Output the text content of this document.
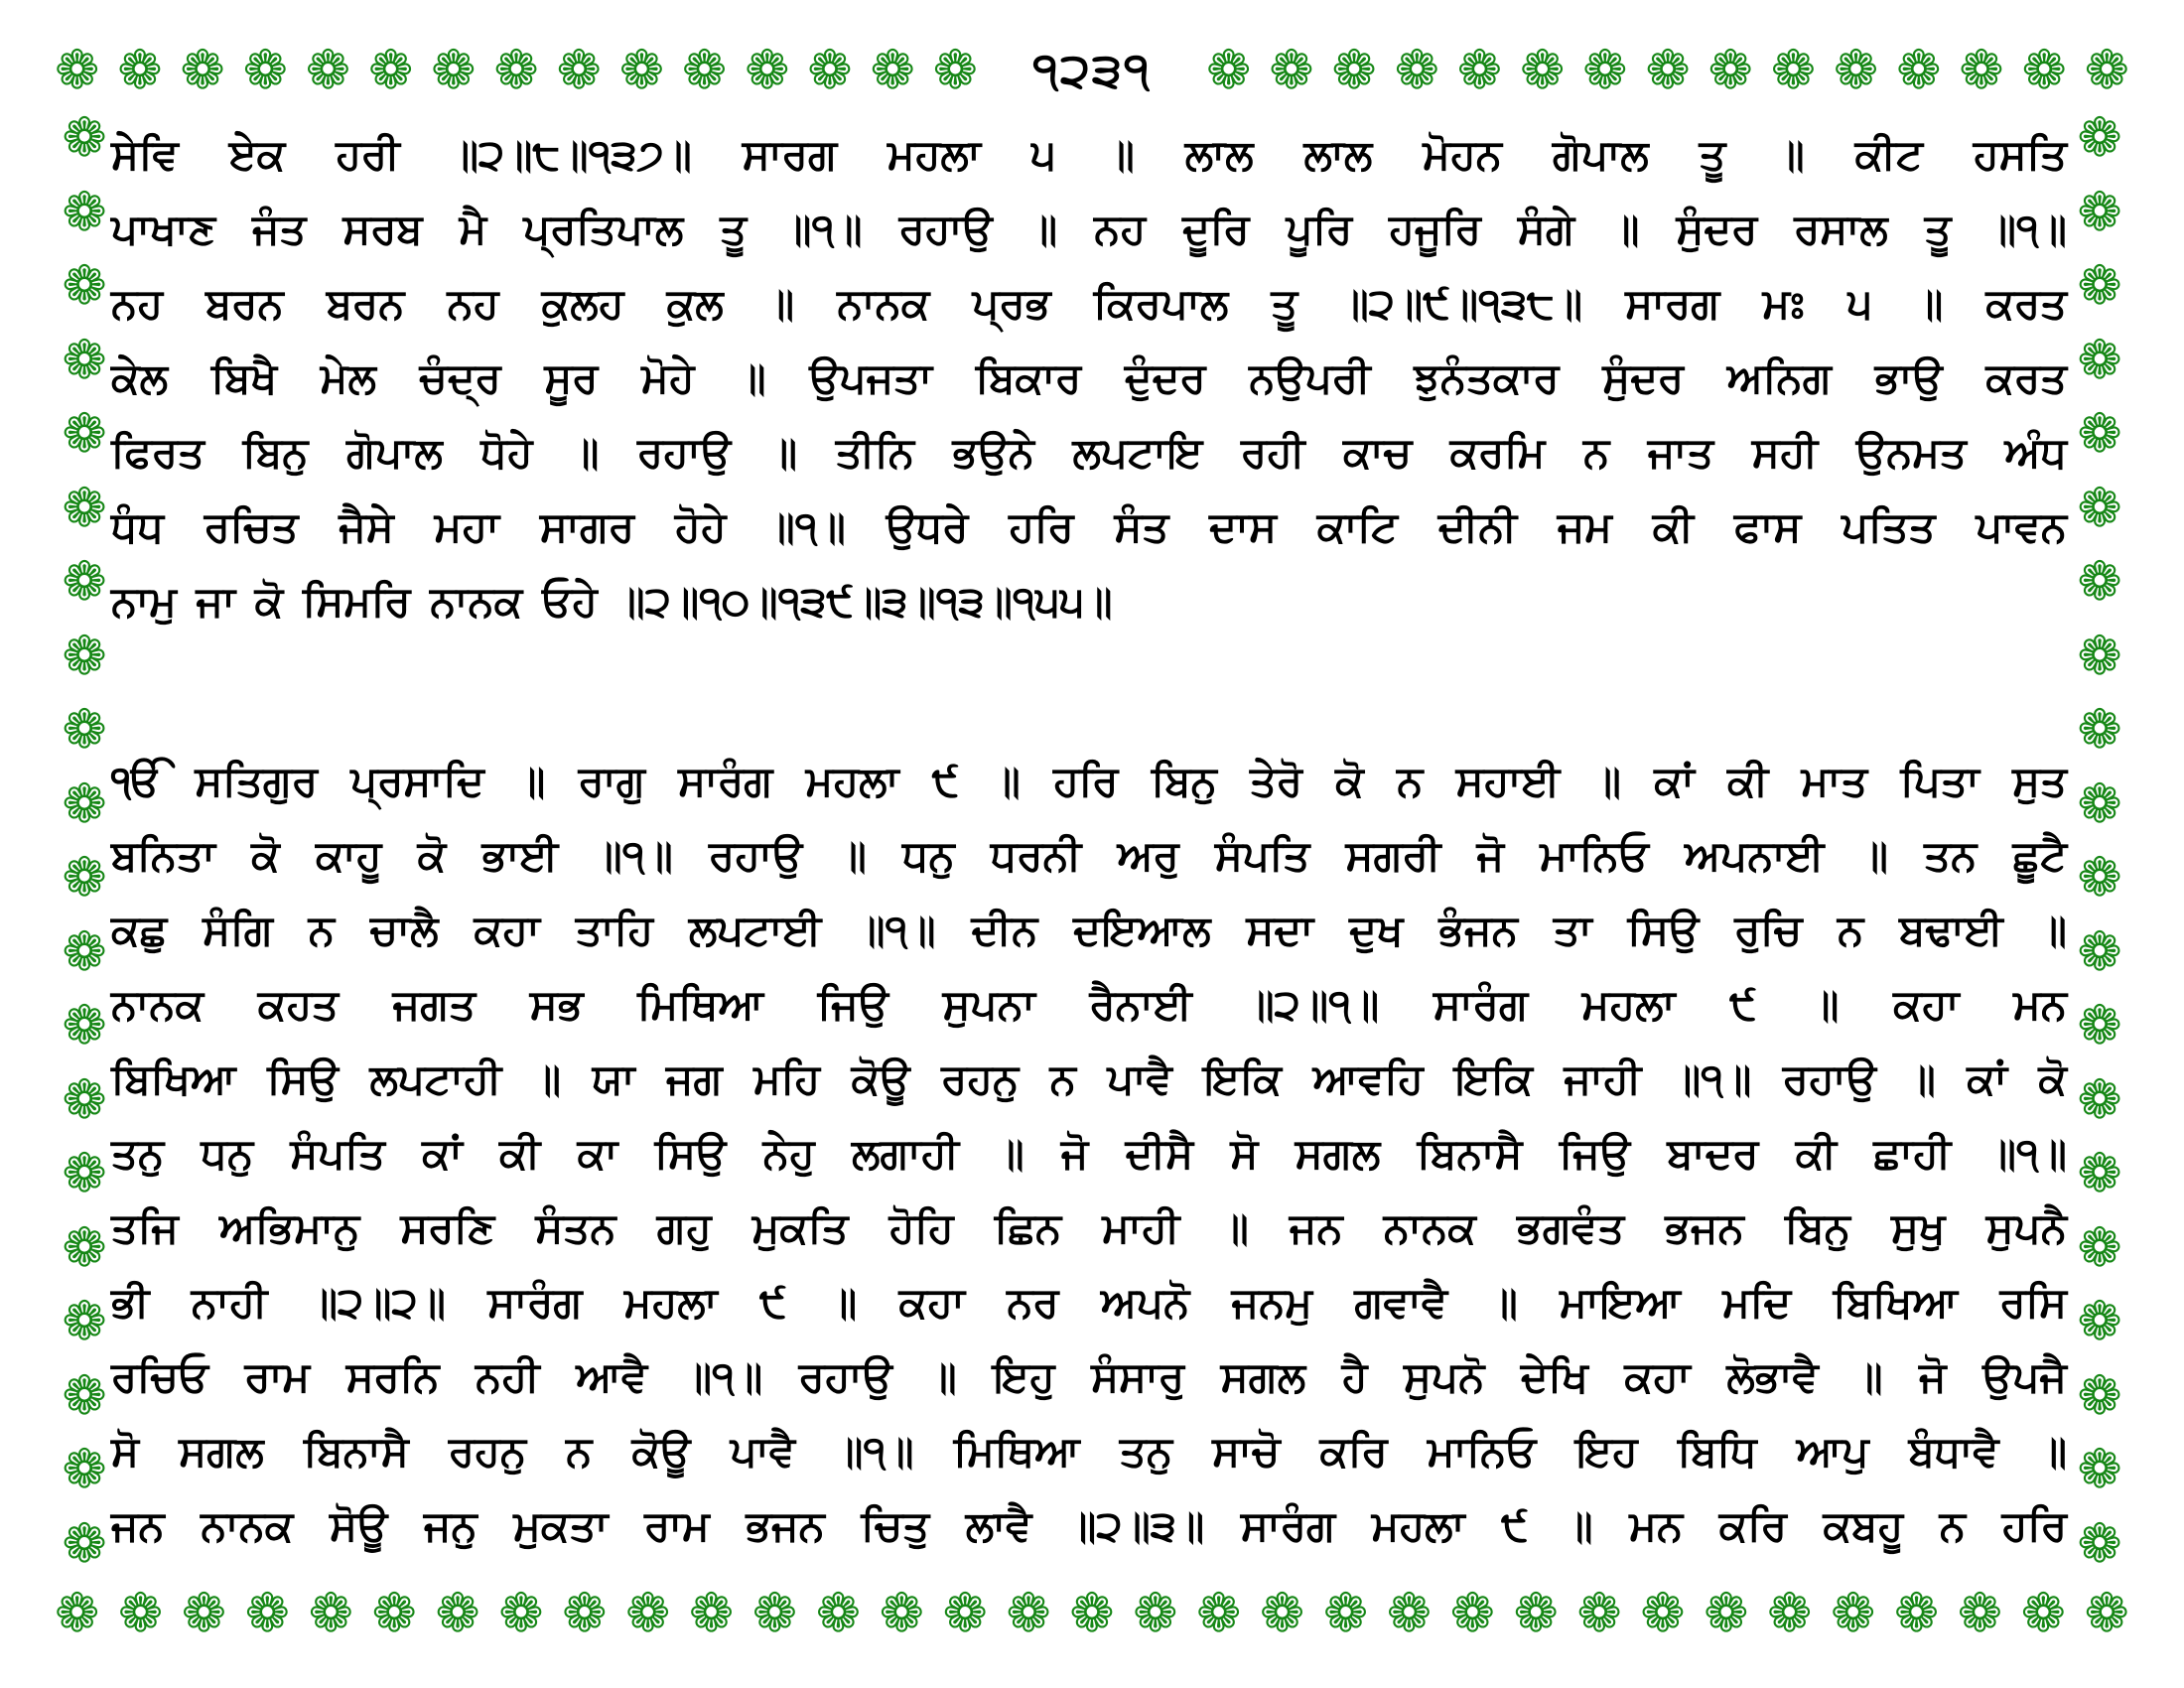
❁ ❁ ❁ ❁ ❁ ❁ ❁ ❁ ❁ ❁ ❁ ❁ ❁ ❁ ❁	੧੨੩੧	❁ ❁ ❁ ❁ ❁ ❁ ❁ ❁ ❁ ❁ ❁ ❁ ❁ ❁ ❁
❁
❁
❁
❁
❁
❁
❁
❁
❁
❁
❁
❁
❁
❁
❁
❁
❁
❁
❁
❁
❁
❁
❁
❁
❁
❁
❁
❁
❁
❁
❁
❁
❁
❁
❁
❁
❁
❁
❁
❁
❁ ❁ ❁ ❁ ❁ ❁ ❁ ❁ ❁ ❁ ❁ ❁ ❁ ❁ ❁ ❁ ❁ ❁ ❁ ❁ ❁ ❁ ❁ ❁ ❁ ❁ ❁ ❁ ❁ ❁ ❁ ❁ ❁
ਸੇਵਿ ਏਕ ਹਰੀ ॥੨॥੮॥੧੩੭॥ ਸਾਰਗ ਮਹਲਾ ੫ ॥ ਲਾਲ ਲਾਲ ਮੋਹਨ ਗੋਪਾਲ ਤੂ ॥ ਕੀਟ ਹਸਤਿ
ਪਾਖਾਣ ਜੰਤ ਸਰਬ ਮੈ ਪ੍ਰਤਿਪਾਲ ਤੂ ॥੧॥ ਰਹਾਉ ॥ ਨਹ ਦੂਰਿ ਪੂਰਿ ਹਜੂਰਿ ਸੰਗੇ ॥ ਸੁੰਦਰ ਰਸਾਲ ਤੂ ॥੧॥
ਨਹ ਬਰਨ ਬਰਨ ਨਹ ਕੁਲਹ ਕੁਲ ॥ ਨਾਨਕ ਪ੍ਰਭ ਕਿਰਪਾਲ ਤੂ ॥੨॥੯॥੧੩੮॥ ਸਾਰਗ ਮਃ ੫ ॥ ਕਰਤ
ਕੇਲ ਬਿਖੈ ਮੇਲ ਚੰਦ੍ਰ ਸੂਰ ਮੋਹੇ ॥ ਉਪਜਤਾ ਬਿਕਾਰ ਦੁੰਦਰ ਨਉਪਰੀ ਝੁਨੰਤਕਾਰ ਸੁੰਦਰ ਅਨਿਗ ਭਾਉ ਕਰਤ
ਫਿਰਤ ਬਿਨੁ ਗੋਪਾਲ ਧੋਹੇ ॥ ਰਹਾਉ ॥ ਤੀਨਿ ਭਉਨੇ ਲਪਟਾਇ ਰਹੀ ਕਾਚ ਕਰਮਿ ਨ ਜਾਤ ਸਹੀ ਉਨਮਤ ਅੰਧ
ਧੰਧ ਰਚਿਤ ਜੈਸੇ ਮਹਾ ਸਾਗਰ ਹੋਹੇ ॥੧॥ ਉਧਰੇ ਹਰਿ ਸੰਤ ਦਾਸ ਕਾਟਿ ਦੀਨੀ ਜਮ ਕੀ ਫਾਸ ਪਤਿਤ ਪਾਵਨ
ਨਾਮੁ ਜਾ ਕੋ ਸਿਮਰਿ ਨਾਨਕ ਓਹੇ ॥੨॥੧੦॥੧੩੯॥੩॥੧੩॥੧੫੫॥
ੴ ਸਤਿਗੁਰ ਪ੍ਰਸਾਦਿ ॥ ਰਾਗੁ ਸਾਰੰਗ ਮਹਲਾ ੯ ॥ ਹਰਿ ਬਿਨੁ ਤੇਰੋ ਕੋ ਨ ਸਹਾਈ ॥ ਕਾਂ ਕੀ ਮਾਤ ਪਿਤਾ ਸੁਤ
ਬਨਿਤਾ ਕੋ ਕਾਹੂ ਕੋ ਭਾਈ ॥੧॥ ਰਹਾਉ ॥ ਧਨੁ ਧਰਨੀ ਅਰੁ ਸੰਪਤਿ ਸਗਰੀ ਜੋ ਮਾਨਿਓ ਅਪਨਾਈ ॥ ਤਨ ਛੂਟੈ
ਕਛੁ ਸੰਗਿ ਨ ਚਾਲੈ ਕਹਾ ਤਾਹਿ ਲਪਟਾਈ ॥੧॥ ਦੀਨ ਦਇਆਲ ਸਦਾ ਦੁਖ ਭੰਜਨ ਤਾ ਸਿਉ ਰੁਚਿ ਨ ਬਢਾਈ ॥
ਨਾਨਕ ਕਹਤ ਜਗਤ ਸਭ ਮਿਥਿਆ ਜਿਉ ਸੁਪਨਾ ਰੈਨਾਈ ॥੨॥੧॥ ਸਾਰੰਗ ਮਹਲਾ ੯ ॥ ਕਹਾ ਮਨ
ਬਿਖਿਆ ਸਿਉ ਲਪਟਾਹੀ ॥ ਯਾ ਜਗ ਮਹਿ ਕੋਊ ਰਹਨੁ ਨ ਪਾਵੈ ਇਕਿ ਆਵਹਿ ਇਕਿ ਜਾਹੀ ॥੧॥ ਰਹਾਉ ॥ ਕਾਂ ਕੋ
ਤਨੁ ਧਨੁ ਸੰਪਤਿ ਕਾਂ ਕੀ ਕਾ ਸਿਉ ਨੇਹੁ ਲਗਾਹੀ ॥ ਜੋ ਦੀਸੈ ਸੋ ਸਗਲ ਬਿਨਾਸੈ ਜਿਉ ਬਾਦਰ ਕੀ ਛਾਹੀ ॥੧॥
ਤਜਿ ਅਭਿਮਾਨੁ ਸਰਣਿ ਸੰਤਨ ਗਹੁ ਮੁਕਤਿ ਹੋਹਿ ਛਿਨ ਮਾਹੀ ॥ ਜਨ ਨਾਨਕ ਭਗਵੰਤ ਭਜਨ ਬਿਨੁ ਸੁਖੁ ਸੁਪਨੈ
ਭੀ ਨਾਹੀ ॥੨॥੨॥ ਸਾਰੰਗ ਮਹਲਾ ੯ ॥ ਕਹਾ ਨਰ ਅਪਨੋ ਜਨਮੁ ਗਵਾਵੈ ॥ ਮਾਇਆ ਮਦਿ ਬਿਖਿਆ ਰਸਿ
ਰਚਿਓ ਰਾਮ ਸਰਨਿ ਨਹੀ ਆਵੈ ॥੧॥ ਰਹਾਉ ॥ ਇਹੁ ਸੰਸਾਰੁ ਸਗਲ ਹੈ ਸੁਪਨੋ ਦੇਖਿ ਕਹਾ ਲੋਭਾਵੈ ॥ ਜੋ ਉਪਜੈ
ਸੋ ਸਗਲ ਬਿਨਾਸੈ ਰਹਨੁ ਨ ਕੋਊ ਪਾਵੈ ॥੧॥ ਮਿਥਿਆ ਤਨੁ ਸਾਚੋ ਕਰਿ ਮਾਨਿਓ ਇਹ ਬਿਧਿ ਆਪੁ ਬੰਧਾਵੈ ॥
ਜਨ ਨਾਨਕ ਸੋਊ ਜਨੁ ਮੁਕਤਾ ਰਾਮ ਭਜਨ ਚਿਤੁ ਲਾਵੈ ॥੨॥੩॥ ਸਾਰੰਗ ਮਹਲਾ ੯ ॥ ਮਨ ਕਰਿ ਕਬਹੂ ਨ ਹਰਿ
